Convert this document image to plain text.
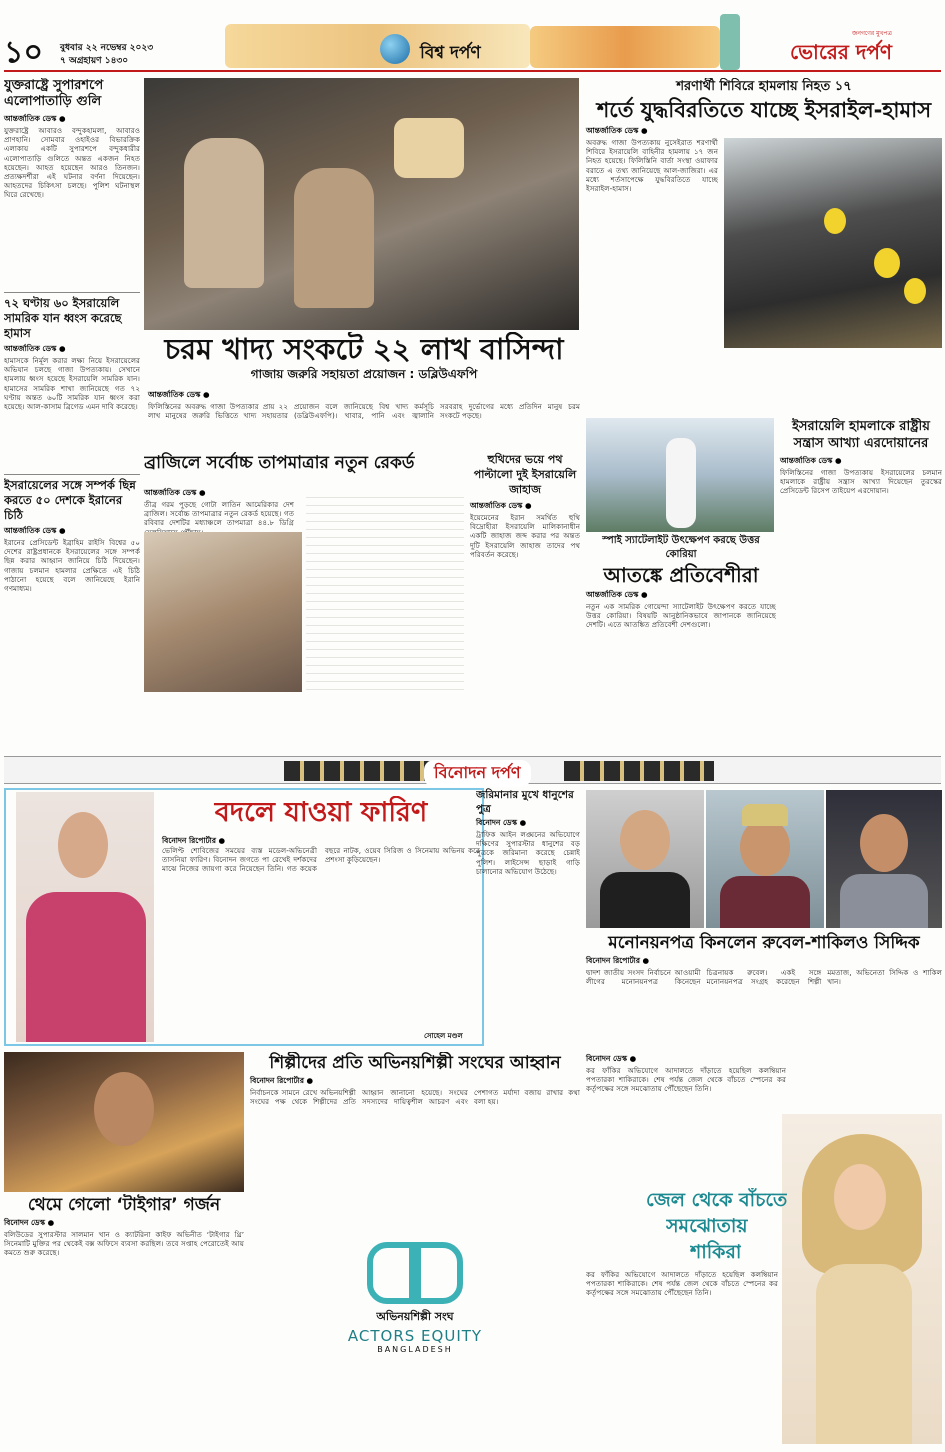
১০ বুধবার ২২ নভেম্বর ২০২৩
৭ অগ্রহায়ণ ১৪৩০	বিশ্ব দর্পণ
জনগণের মুখপত্র
ভোরের দর্পণ
যুক্তরাষ্ট্রে সুপারশপে এলোপাতাড়ি গুলি
আন্তর্জাতিক ডেস্ক ●
যুক্তরাষ্ট্রে আবারও বন্দুকহামলা, আবারও প্রাণহানি। সোমবার ওহাইওর বিভারক্রিক এলাকায় একটি সুপারশপে বন্দুকধারীর এলোপাতাড়ি গুলিতে অন্তত একজন নিহত হয়েছেন। আহত হয়েছেন আরও তিনজন। প্রত্যক্ষদর্শীরা এই ঘটনার বর্ণনা দিয়েছেন। আহতদের চিকিৎসা চলছে। পুলিশ ঘটনাস্থল ঘিরে রেখেছে।
৭২ ঘণ্টায় ৬০ ইসরায়েলি সামরিক যান ধ্বংস করেছে হামাস
আন্তর্জাতিক ডেস্ক ●
হামাসকে নির্মূল করার লক্ষ্য নিয়ে ইসরায়েলের অভিযান চলছে গাজা উপত্যকায়। সেখানে হামলায় ধ্বংস হয়েছে ইসরায়েলি সামরিক যান। হামাসের সামরিক শাখা জানিয়েছে গত ৭২ ঘণ্টায় অন্তত ৬০টি সামরিক যান ধ্বংস করা হয়েছে। আল-কাসাম ব্রিগেড এমন দাবি করেছে।
ইসরায়েলের সঙ্গে সম্পর্ক ছিন্ন করতে ৫০ দেশকে ইরানের চিঠি
আন্তর্জাতিক ডেস্ক ●
ইরানের প্রেসিডেন্ট ইব্রাহিম রাইসি বিশ্বের ৫০ দেশের রাষ্ট্রপ্রধানকে ইসরায়েলের সঙ্গে সম্পর্ক ছিন্ন করার আহ্বান জানিয়ে চিঠি দিয়েছেন। গাজায় চলমান হামলার প্রেক্ষিতে এই চিঠি পাঠানো হয়েছে বলে জানিয়েছে ইরানি গণমাধ্যম।
চরম খাদ্য সংকটে ২২ লাখ বাসিন্দা
গাজায় জরুরি সহায়তা প্রয়োজন : ডব্লিউএফপি
আন্তর্জাতিক ডেস্ক ●
ফিলিস্তিনের অবরুদ্ধ গাজা উপত্যকার প্রায় ২২ লাখ মানুষের জরুরি ভিত্তিতে খাদ্য সহায়তার প্রয়োজন বলে জানিয়েছে বিশ্ব খাদ্য কর্মসূচি (ডব্লিউএফপি)। খাবার, পানি এবং জ্বালানি সরবরাহ দুর্ভোগের মধ্যে প্রতিদিন মানুষ চরম সংকটে পড়ছে।
ব্রাজিলে সর্বোচ্চ তাপমাত্রার নতুন রেকর্ড
আন্তর্জাতিক ডেস্ক ●
তীব্র গরম পুড়ছে গোটা লাতিন আমেরিকার দেশ ব্রাজিল। সর্বোচ্চ তাপমাত্রার নতুন রেকর্ড হয়েছে। গত রবিবার দেশটির মধ্যাঞ্চলে তাপমাত্রা ৪৪.৮ ডিগ্রি
হুথিদের ভয়ে পথ পাল্টালো দুই ইসরায়েলি জাহাজ
আন্তর্জাতিক ডেস্ক ●
ইয়েমেনের ইরান সমর্থিত হুথি বিদ্রোহীরা ইসরায়েলি মালিকানাধীন একটি জাহাজ জব্দ করার পর অন্তত দুটি ইসরায়েলি জাহাজ তাদের পথ পরিবর্তন করেছে।
শরণার্থী শিবিরে হামলায় নিহত ১৭
শর্তে যুদ্ধবিরতিতে যাচ্ছে ইসরাইল-হামাস
আন্তর্জাতিক ডেস্ক ●
অবরুদ্ধ গাজা উপত্যকায় নুসেইরাত শরণার্থী শিবিরে ইসরায়েলি বাহিনীর হামলায় ১৭ জন নিহত হয়েছে। ফিলিস্তিনি বার্তা সংস্থা ওয়াফার বরাতে এ তথ্য জানিয়েছে আল-জাজিরা। এর মধ্যে শর্তসাপেক্ষে যুদ্ধবিরতিতে যাচ্ছে ইসরাইল-হামাস।
স্পাই স্যাটেলাইট উৎক্ষেপণ করছে উত্তর কোরিয়া
আতঙ্কে প্রতিবেশীরা
আন্তর্জাতিক ডেস্ক ●
নতুন এক সামরিক গোয়েন্দা স্যাটেলাইট উৎক্ষেপণ করতে যাচ্ছে উত্তর কোরিয়া। বিষয়টি আনুষ্ঠানিকভাবে জাপানকে জানিয়েছে দেশটি। এতে আতঙ্কিত প্রতিবেশী দেশগুলো।
ইসরায়েলি হামলাকে রাষ্ট্রীয় সন্ত্রাস আখ্যা এরদোয়ানের
আন্তর্জাতিক ডেস্ক ●
ফিলিস্তিনের গাজা উপত্যকায় ইসরায়েলের চলমান হামলাকে রাষ্ট্রীয় সন্ত্রাস আখ্যা দিয়েছেন তুরস্কের প্রেসিডেন্ট রিসেপ তাইয়েপ এরদোয়ান।
বিনোদন দর্পণ
বদলে যাওয়া ফারিণ
বিনোদন রিপোর্টার ●
ভেলিপ্ট শোবিজের সময়ের ব্যস্ত মডেল-অভিনেত্রী তাসনিয়া ফারিণ। বিনোদন জগতে পা রেখেই দর্শকদের মাঝে নিজের জায়গা করে নিয়েছেন তিনি। গত কয়েক বছরে নাটক, ওয়েব সিরিজ ও সিনেমায় অভিনয় করে প্রশংসা কুড়িয়েছেন।
সোহেল মণ্ডল
জরিমানার মুখে ধানুশের পুত্র
বিনোদন ডেস্ক ●
ট্রাফিক আইন লঙ্ঘনের অভিযোগে দক্ষিণের সুপারস্টার ধানুশের বড় পুত্রকে জরিমানা করেছে চেন্নাই পুলিশ। লাইসেন্স ছাড়াই গাড়ি চালানোর অভিযোগ উঠেছে।
মনোনয়নপত্র কিনলেন রুবেল-শাকিলও সিদ্দিক
বিনোদন রিপোর্টার ●
দ্বাদশ জাতীয় সংসদ নির্বাচনে আওয়ামী লীগের মনোনয়নপত্র কিনেছেন চিত্রনায়ক রুবেল। একই সঙ্গে মনোনয়নপত্র সংগ্রহ করেছেন শিল্পী মমতাজ, অভিনেতা সিদ্দিক ও শাকিল খান।
থেমে গেলো ‘টাইগার’ গর্জন
বিনোদন ডেস্ক ●
বলিউডের সুপারস্টার সালমান খান ও ক্যাটরিনা কাইফ অভিনীত ‘টাইগার থ্রি’ সিনেমাটি মুক্তির পর থেকেই বক্স অফিসে ব্যবসা করছিল। তবে সপ্তাহ পেরোতেই আয় কমতে শুরু করেছে।
শিল্পীদের প্রতি অভিনয়শিল্পী সংঘের আহ্বান
বিনোদন রিপোর্টার ●
নির্বাচনকে সামনে রেখে অভিনয়শিল্পী সংঘের পক্ষ থেকে শিল্পীদের প্রতি আহ্বান জানানো হয়েছে। সংঘের সদস্যদের দায়িত্বশীল আচরণ এবং পেশাগত মর্যাদা বজায় রাখার কথা বলা হয়।
অভিনয়শিল্পী সংঘ
ACTORS EQUITY
BANGLADESH
বিনোদন ডেস্ক ●
কর ফাঁকির অভিযোগে আদালতে দাঁড়াতে হয়েছিল কলম্বিয়ান পপতারকা শাকিরাকে। শেষ পর্যন্ত জেল থেকে বাঁচতে স্পেনের কর কর্তৃপক্ষের সঙ্গে সমঝোতায় পৌঁছেছেন তিনি।
জেল থেকে বাঁচতে
সমঝোতায়
শাকিরা
কর ফাঁকির অভিযোগে আদালতে দাঁড়াতে হয়েছিল কলম্বিয়ান পপতারকা শাকিরাকে। শেষ পর্যন্ত জেল থেকে বাঁচতে স্পেনের কর কর্তৃপক্ষের সঙ্গে সমঝোতায় পৌঁছেছেন তিনি।
